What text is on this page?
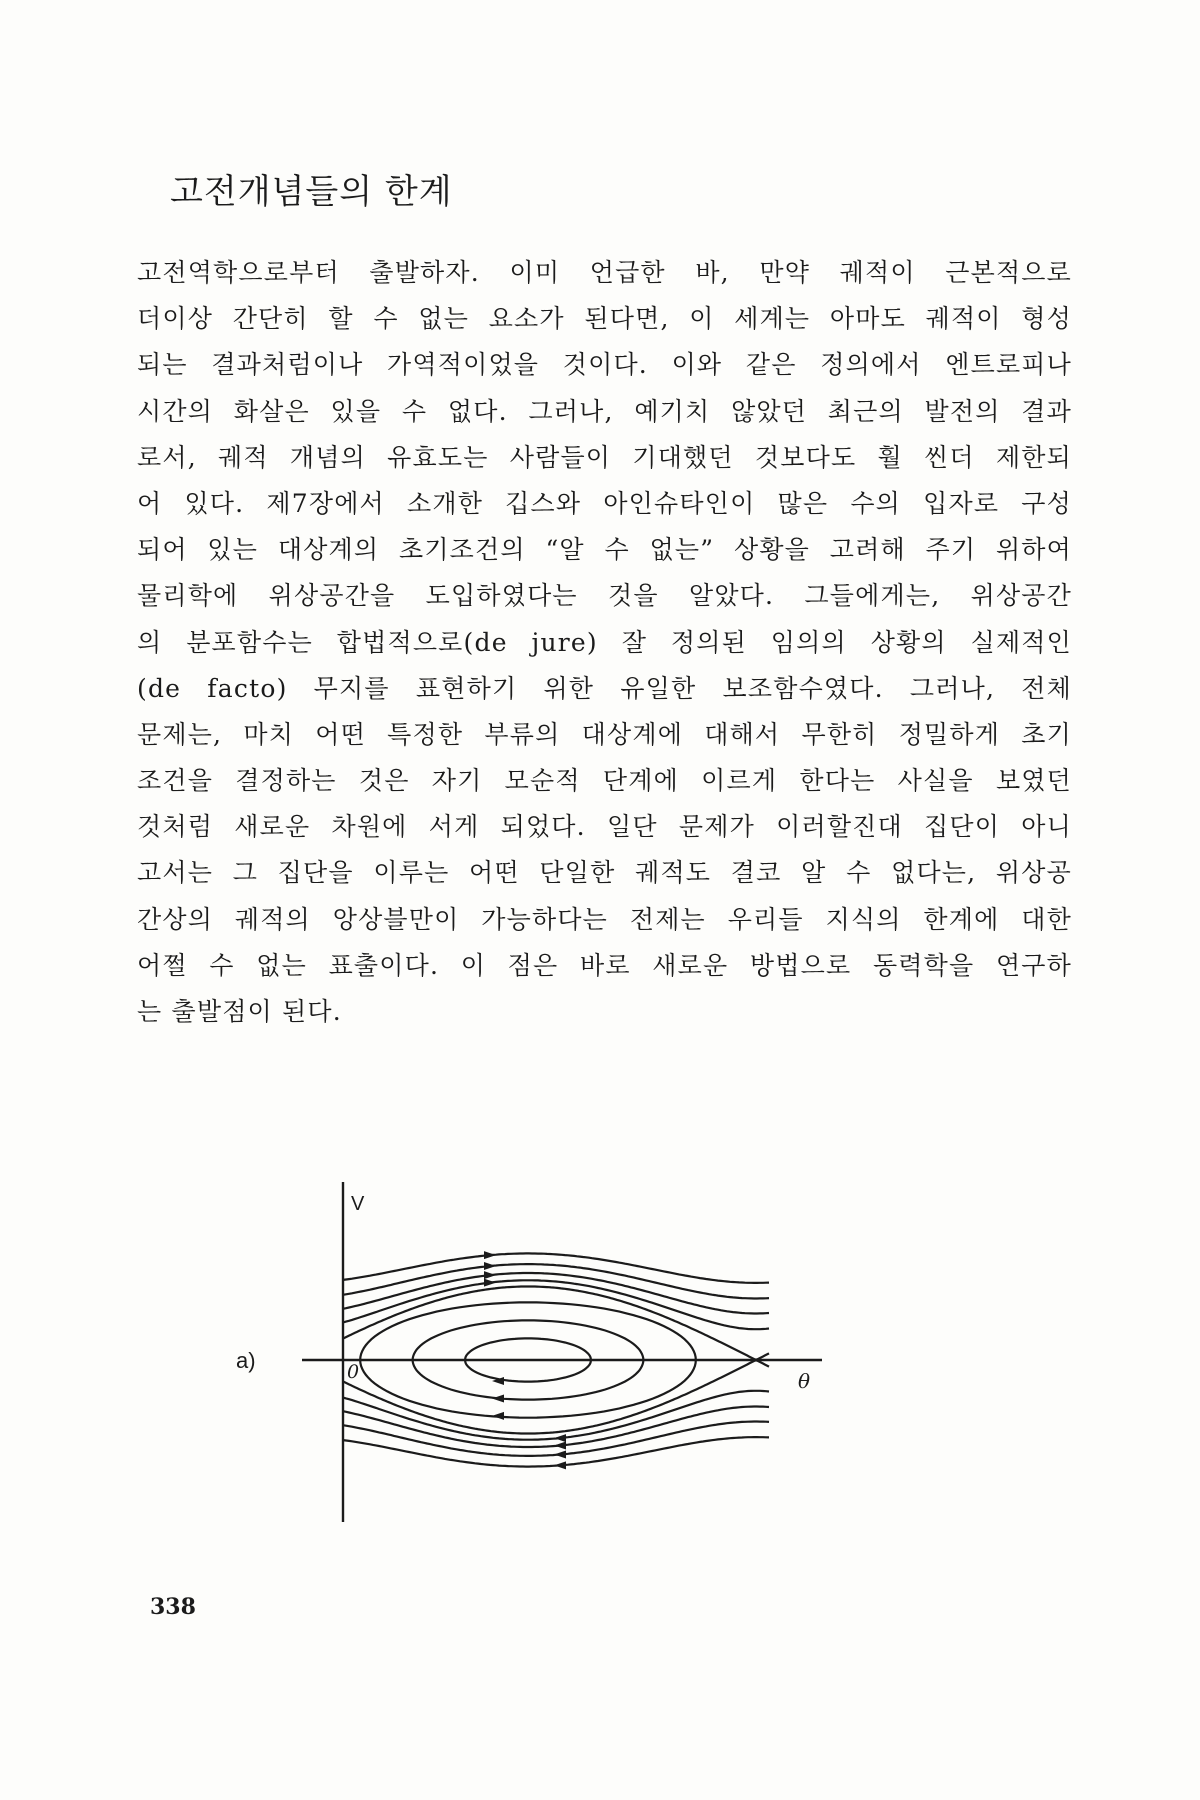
고전개념들의 한계
고전역학으로부터 출발하자. 이미 언급한 바, 만약 궤적이 근본적으로
더이상 간단히 할 수 없는 요소가 된다면, 이 세계는 아마도 궤적이 형성
되는 결과처럼이나 가역적이었을 것이다. 이와 같은 정의에서 엔트로피나
시간의 화살은 있을 수 없다. 그러나, 예기치 않았던 최근의 발전의 결과
로서, 궤적 개념의 유효도는 사람들이 기대했던 것보다도 훨 씬더 제한되
어 있다. 제7장에서 소개한 깁스와 아인슈타인이 많은 수의 입자로 구성
되어 있는 대상계의 초기조건의 “알 수 없는” 상황을 고려해 주기 위하여
물리학에 위상공간을 도입하였다는 것을 알았다. 그들에게는, 위상공간
의 분포함수는 합법적으로(de jure) 잘 정의된 임의의 상황의 실제적인
(de facto) 무지를 표현하기 위한 유일한 보조함수였다. 그러나, 전체
문제는, 마치 어떤 특정한 부류의 대상계에 대해서 무한히 정밀하게 초기
조건을 결정하는 것은 자기 모순적 단계에 이르게 한다는 사실을 보였던
것처럼 새로운 차원에 서게 되었다. 일단 문제가 이러할진대 집단이 아니
고서는 그 집단을 이루는 어떤 단일한 궤적도 결코 알 수 없다는, 위상공
간상의 궤적의 앙상블만이 가능하다는 전제는 우리들 지식의 한계에 대한
어쩔 수 없는 표출이다. 이 점은 바로 새로운 방법으로 동력학을 연구하
는 출발점이 된다.
V
θ
0
a)
338
